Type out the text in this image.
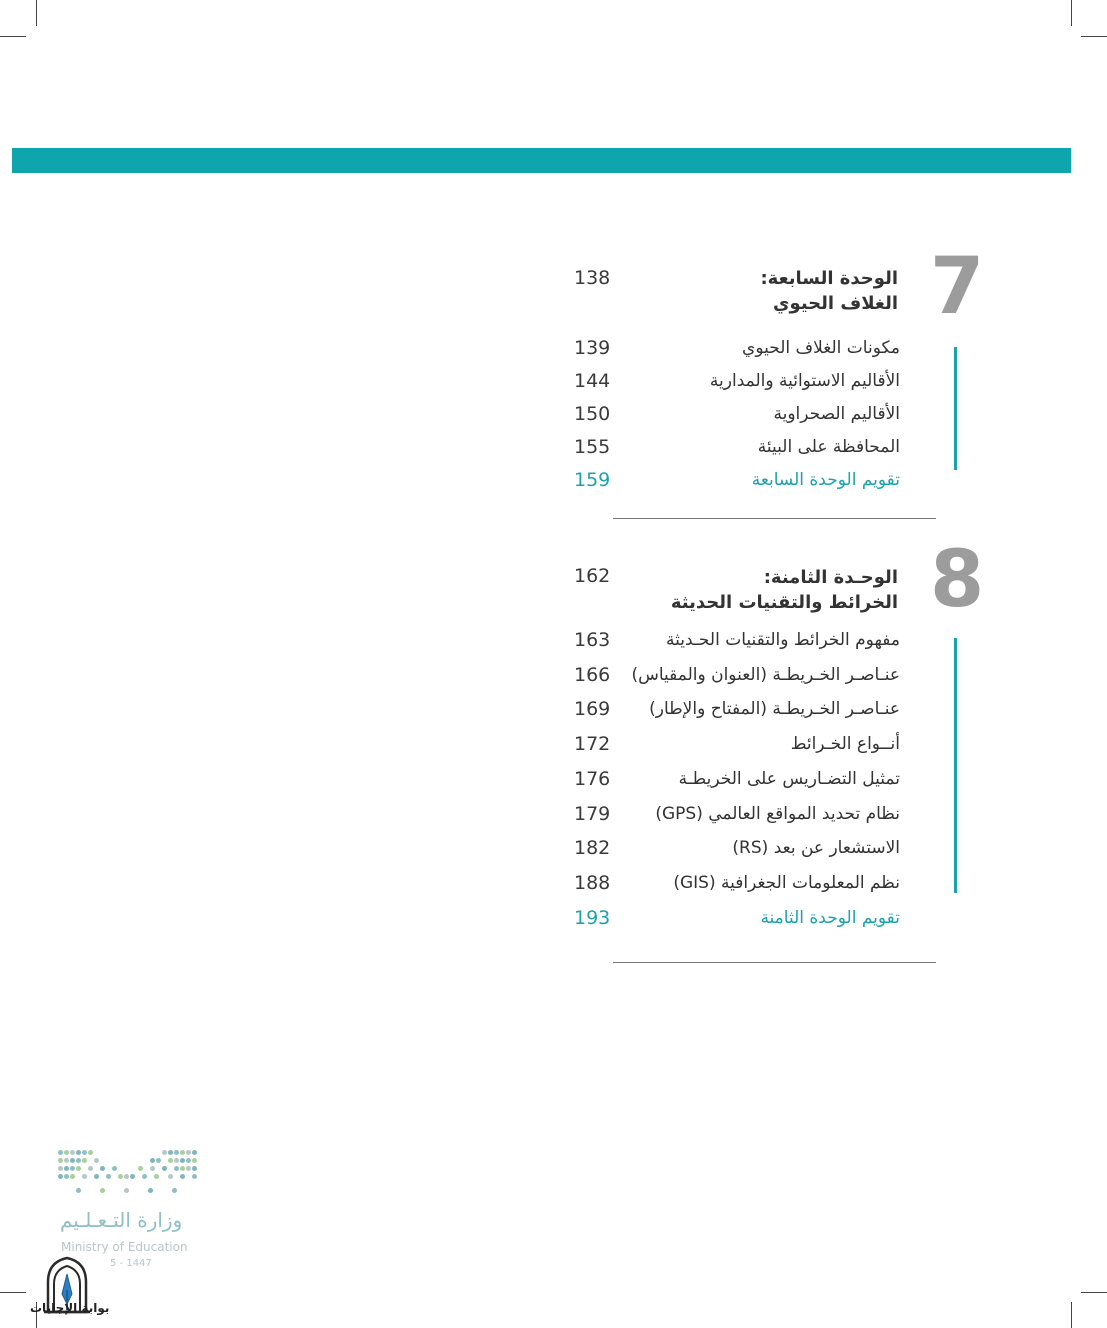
7
الوحدة السابعة:
الغلاف الحيوي
138
مكونات الغلاف الحيوي
139
الأقاليم الاستوائية والمدارية
144
الأقاليم الصحراوية
150
المحافظة على البيئة
155
تقويم الوحدة السابعة
159
8
الوحـدة الثامنة:
الخرائط والتقنيات الحديثة
162
مفهوم الخرائط والتقنيات الحـديثة
163
عنـاصـر الخـريطـة (العنوان والمقياس)
166
عنـاصـر الخـريطـة (المفتاح والإطار)
169
أنــواع الخـرائط
172
تمثيل التضـاريس على الخريطـة
176
نظام تحديد المواقع العالمي (GPS)
179
الاستشعار عن بعد (RS)
182
نظم المعلومات الجغرافية (GIS)
188
تقويم الوحدة الثامنة
193
وزارة التـعـلـيم
Ministry of Education
5 - 1447
بوابة الإجابات
